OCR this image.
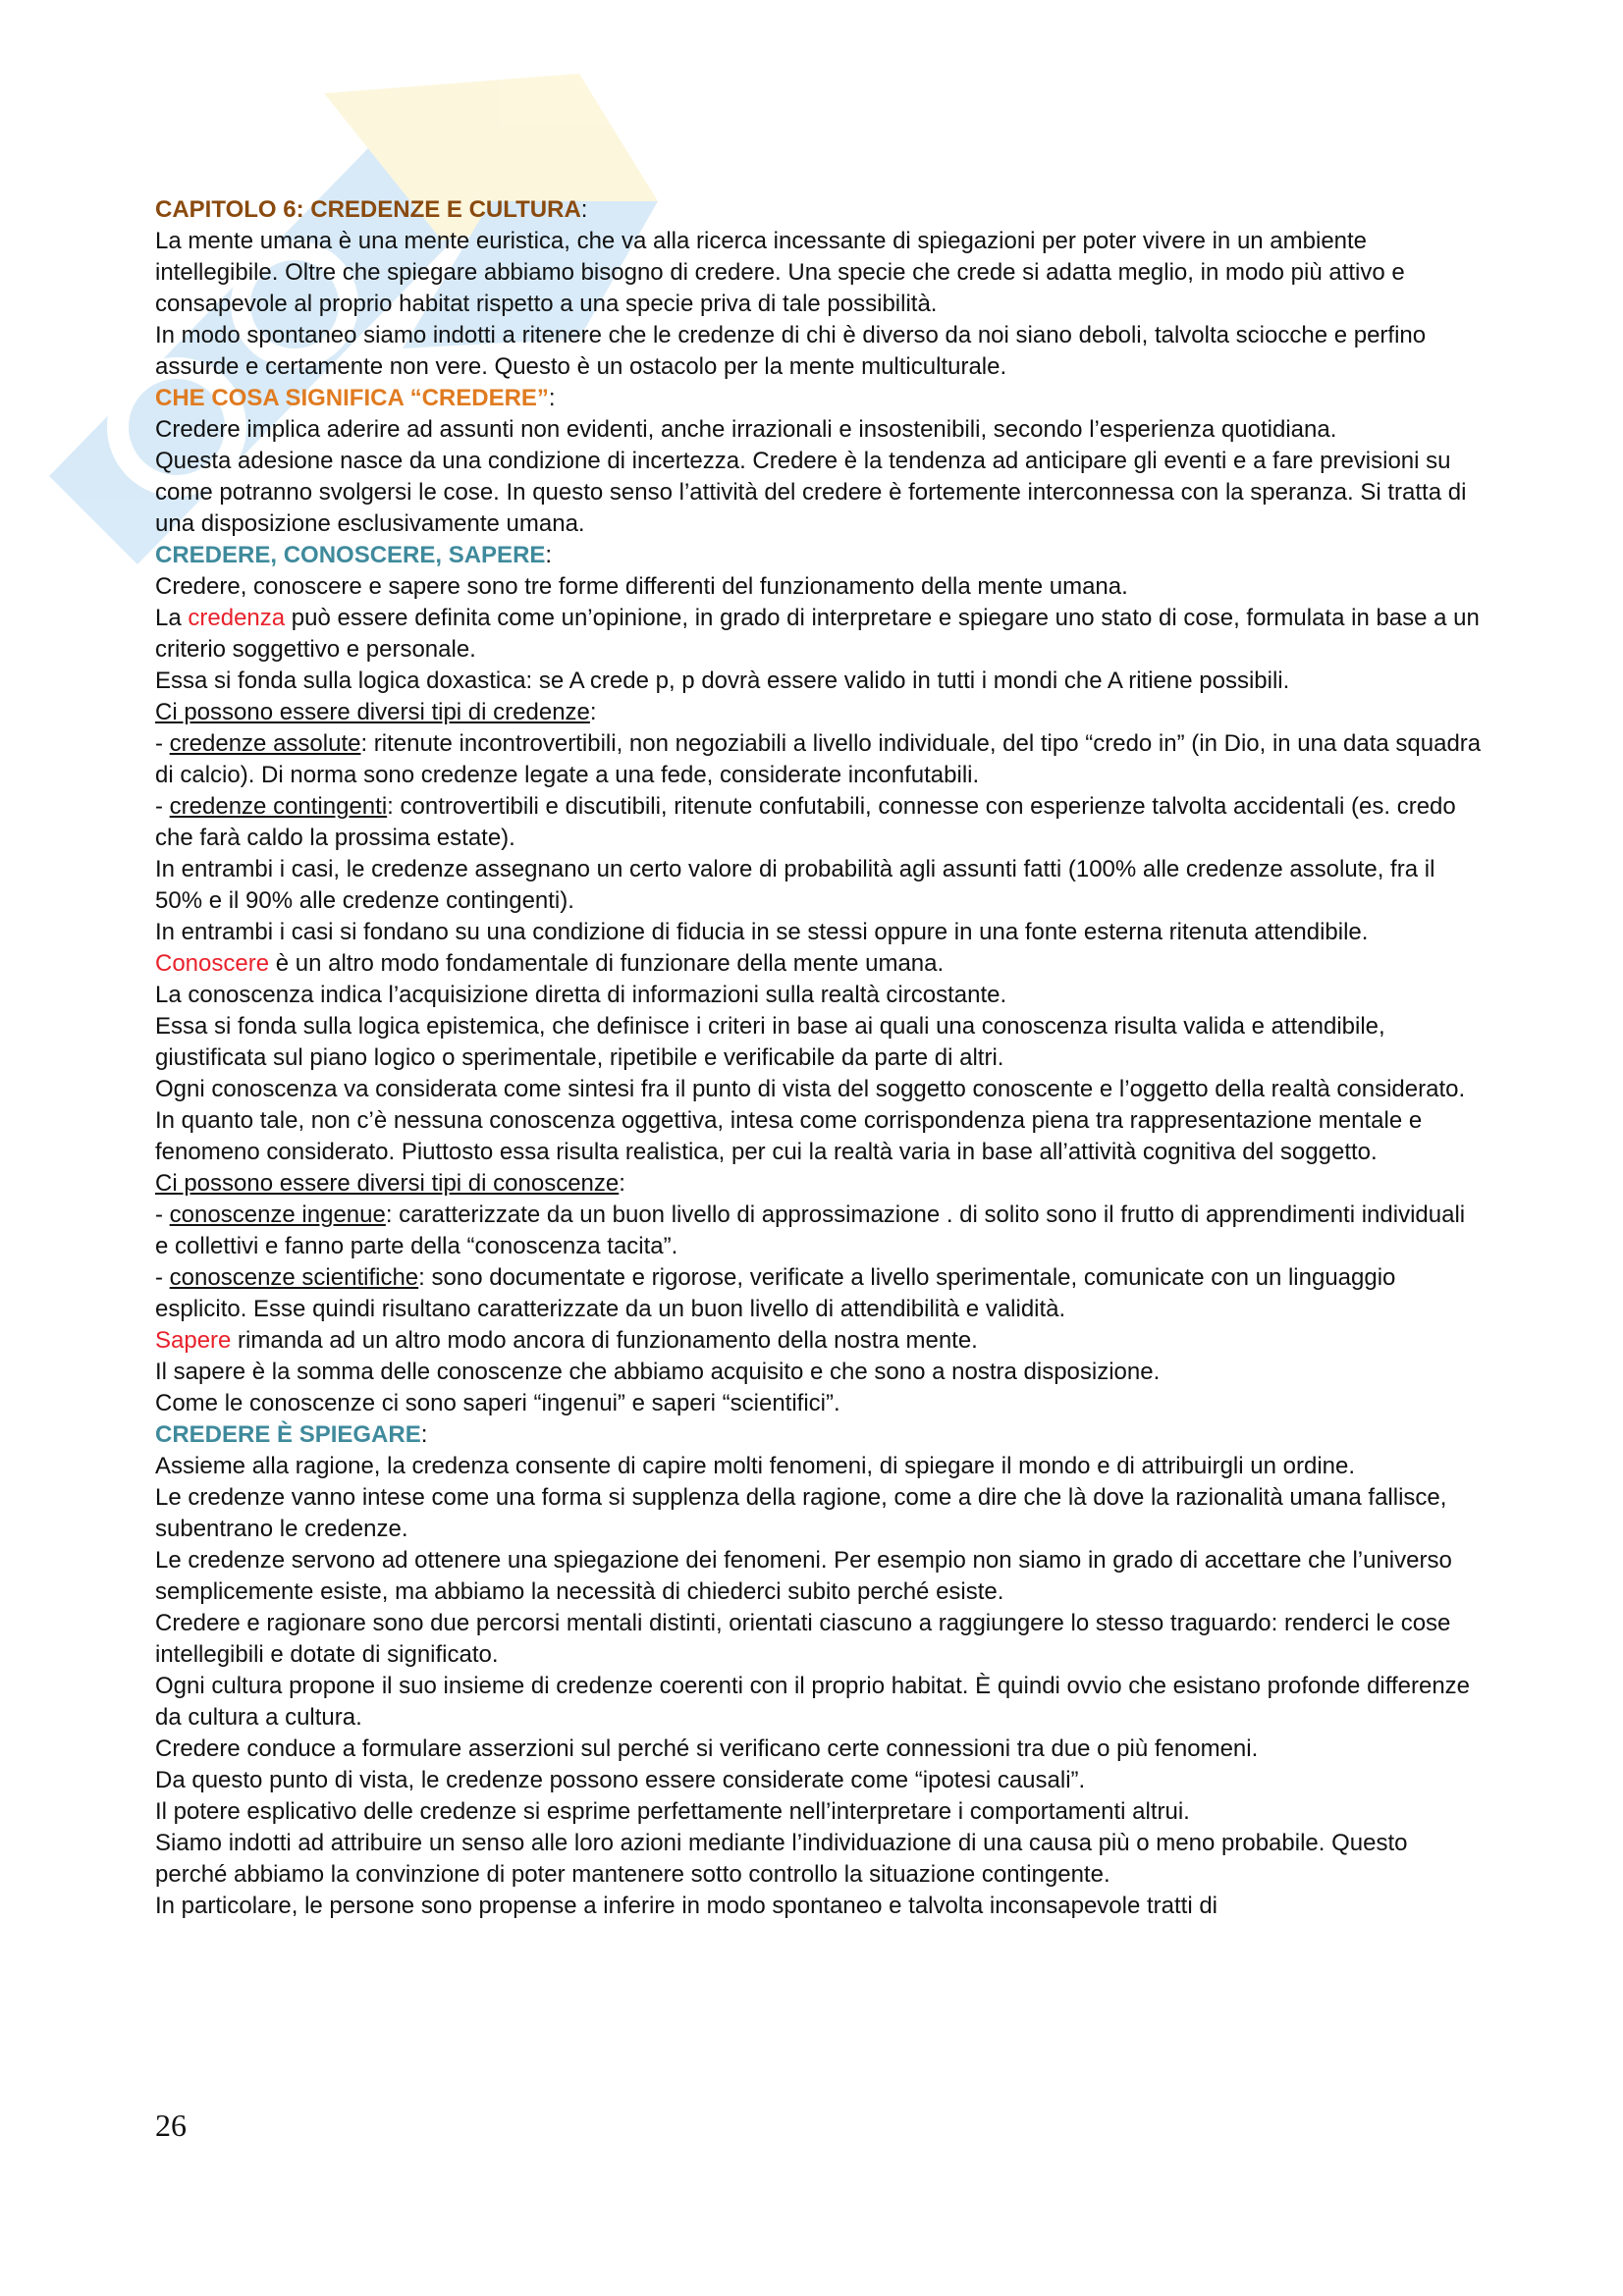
CAPITOLO 6: CREDENZE E CULTURA:

La mente umana è una mente euristica, che va alla ricerca incessante di spiegazioni per poter vivere in un ambiente intellegibile. Oltre che spiegare abbiamo bisogno di credere. Una specie che crede si adatta meglio, in modo più attivo e consapevole al proprio habitat rispetto a una specie priva di tale possibilità.

In modo spontaneo siamo indotti a ritenere che le credenze di chi è diverso da noi siano deboli, talvolta sciocche e perfino assurde e certamente non vere. Questo è un ostacolo per la mente multiculturale.

CHE COSA SIGNIFICA “CREDERE”:

Credere implica aderire ad assunti non evidenti, anche irrazionali e insostenibili, secondo l’esperienza quotidiana.

Questa adesione nasce da una condizione di incertezza. Credere è la tendenza ad anticipare gli eventi e a fare previsioni su come potranno svolgersi le cose. In questo senso l’attività del credere è fortemente interconnessa con la speranza. Si tratta di una disposizione esclusivamente umana.

CREDERE, CONOSCERE, SAPERE:

Credere, conoscere e sapere sono tre forme differenti del funzionamento della mente umana.

La credenza può essere definita come un’opinione, in grado di interpretare e spiegare uno stato di cose, formulata in base a un criterio soggettivo e personale.

Essa si fonda sulla logica doxastica: se A crede p, p dovrà essere valido in tutti i mondi che A ritiene possibili.

Ci possono essere diversi tipi di credenze:

- credenze assolute: ritenute incontrovertibili, non negoziabili a livello individuale, del tipo “credo in” (in Dio, in una data squadra di calcio). Di norma sono credenze legate a una fede, considerate inconfutabili.

- credenze contingenti: controvertibili e discutibili, ritenute confutabili, connesse con esperienze talvolta accidentali (es. credo che farà caldo la prossima estate).

In entrambi i casi, le credenze assegnano un certo valore di probabilità agli assunti fatti (100% alle credenze assolute, fra il 50% e il 90% alle credenze contingenti).

In entrambi i casi si fondano su una condizione di fiducia in se stessi oppure in una fonte esterna ritenuta attendibile.

Conoscere è un altro modo fondamentale di funzionare della mente umana.

La conoscenza indica l’acquisizione diretta di informazioni sulla realtà circostante.

Essa si fonda sulla logica epistemica, che definisce i criteri in base ai quali una conoscenza risulta valida e attendibile, giustificata sul piano logico o sperimentale, ripetibile e verificabile da parte di altri.

Ogni conoscenza va considerata come sintesi fra il punto di vista del soggetto conoscente e l’oggetto della realtà considerato. In quanto tale, non c’è nessuna conoscenza oggettiva, intesa come corrispondenza piena tra rappresentazione mentale e fenomeno considerato. Piuttosto essa risulta realistica, per cui la realtà varia in base all’attività cognitiva del soggetto.

Ci possono essere diversi tipi di conoscenze:

- conoscenze ingenue: caratterizzate da un buon livello di approssimazione . di solito sono il frutto di apprendimenti individuali e collettivi e fanno parte della “conoscenza tacita”.

- conoscenze scientifiche: sono documentate e rigorose, verificate a livello sperimentale, comunicate con un linguaggio esplicito. Esse quindi risultano caratterizzate da un buon livello di attendibilità e validità.

Sapere rimanda ad un altro modo ancora di funzionamento della nostra mente.

Il sapere è la somma delle conoscenze che abbiamo acquisito e che sono a nostra disposizione.

Come le conoscenze ci sono saperi “ingenui” e saperi “scientifici”.

CREDERE È SPIEGARE:

Assieme alla ragione, la credenza consente di capire molti fenomeni, di spiegare il mondo e di attribuirgli un ordine.

Le credenze vanno intese come una forma si supplenza della ragione, come a dire che là dove la razionalità umana fallisce, subentrano le credenze.

Le credenze servono ad ottenere una spiegazione dei fenomeni. Per esempio non siamo in grado di accettare che l’universo semplicemente esiste, ma abbiamo la necessità di chiederci subito perché esiste.

Credere e ragionare sono due percorsi mentali distinti, orientati ciascuno a raggiungere lo stesso traguardo: renderci le cose intellegibili e dotate di significato.

Ogni cultura propone il suo insieme di credenze coerenti con il proprio habitat. È quindi ovvio che esistano profonde differenze da cultura a cultura.

Credere conduce a formulare asserzioni sul perché si verificano certe connessioni tra due o più fenomeni.

Da questo punto di vista, le credenze possono essere considerate come “ipotesi causali”.

Il potere esplicativo delle credenze si esprime perfettamente nell’interpretare i comportamenti altrui.

Siamo indotti ad attribuire un senso alle loro azioni mediante l’individuazione di una causa più o meno probabile. Questo perché abbiamo la convinzione di poter mantenere sotto controllo la situazione contingente.

In particolare, le persone sono propense a inferire in modo spontaneo e talvolta inconsapevole tratti di

26
